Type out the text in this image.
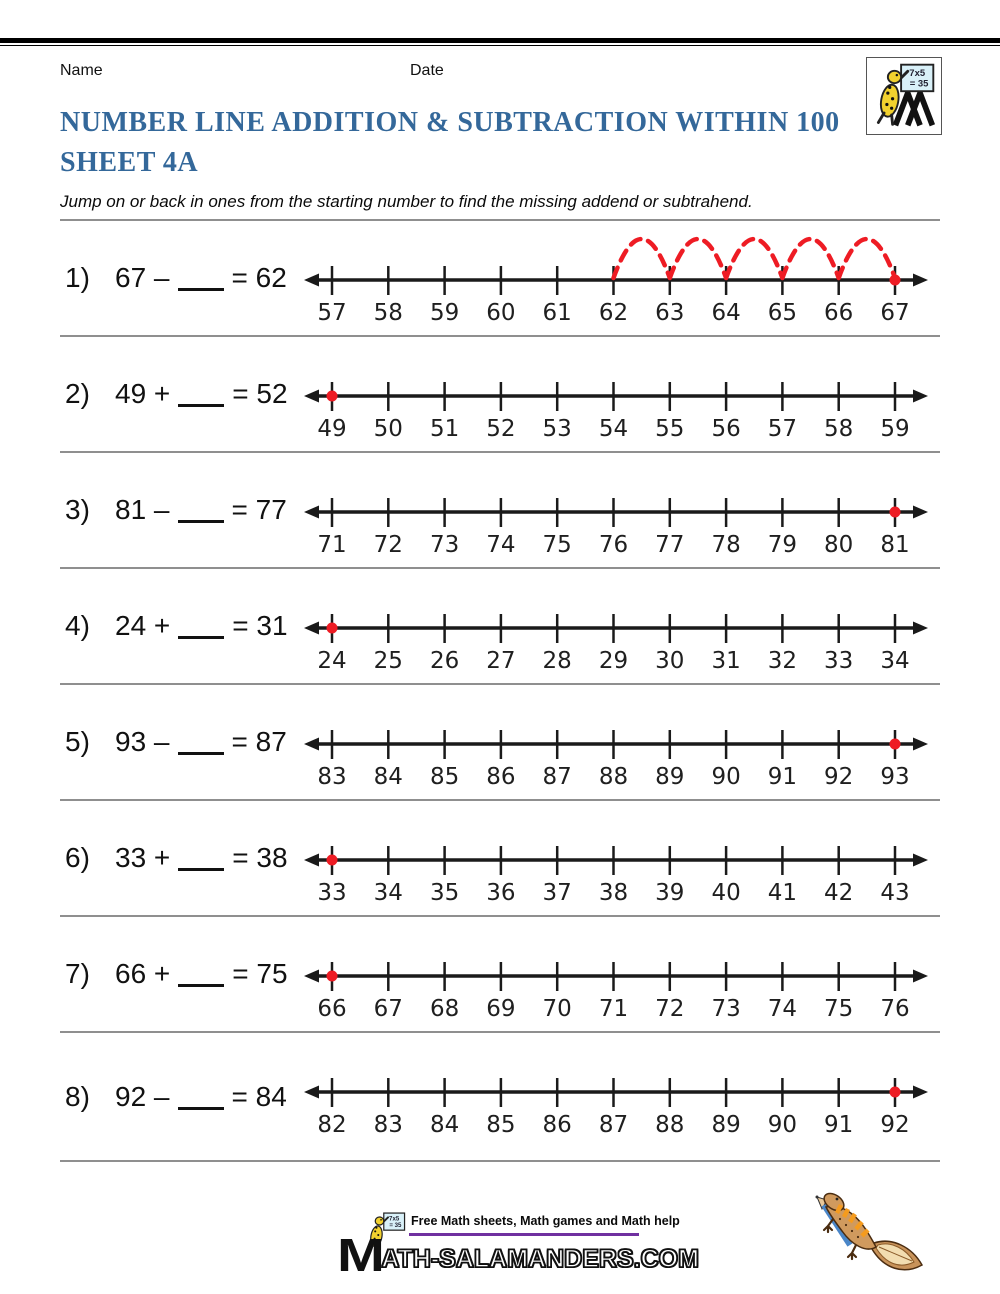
Name	Date
NUMBER LINE ADDITION & SUBTRACTION WITHIN 100
SHEET 4A
Jump on or back in ones from the starting number to find the missing addend or subtrahend.
1) 67 – = 62
57 58 59 60 61 62 63 64 65 66 67
2) 49 + = 52
49 50 51 52 53 54 55 56 57 58 59
3) 81 – = 77
71 72 73 74 75 76 77 78 79 80 81
4) 24 + = 31
24 25 26 27 28 29 30 31 32 33 34
5) 93 – = 87
83 84 85 86 87 88 89 90 91 92 93
6) 33 + = 38
33 34 35 36 37 38 39 40 41 42 43
7) 66 + = 75
66 67 68 69 70 71 72 73 74 75 76
8) 92 – = 84
82 83 84 85 86 87 88 89 90 91 92
Free Math sheets, Math games and Math help
M
ATH-SALAMANDERS.COM
